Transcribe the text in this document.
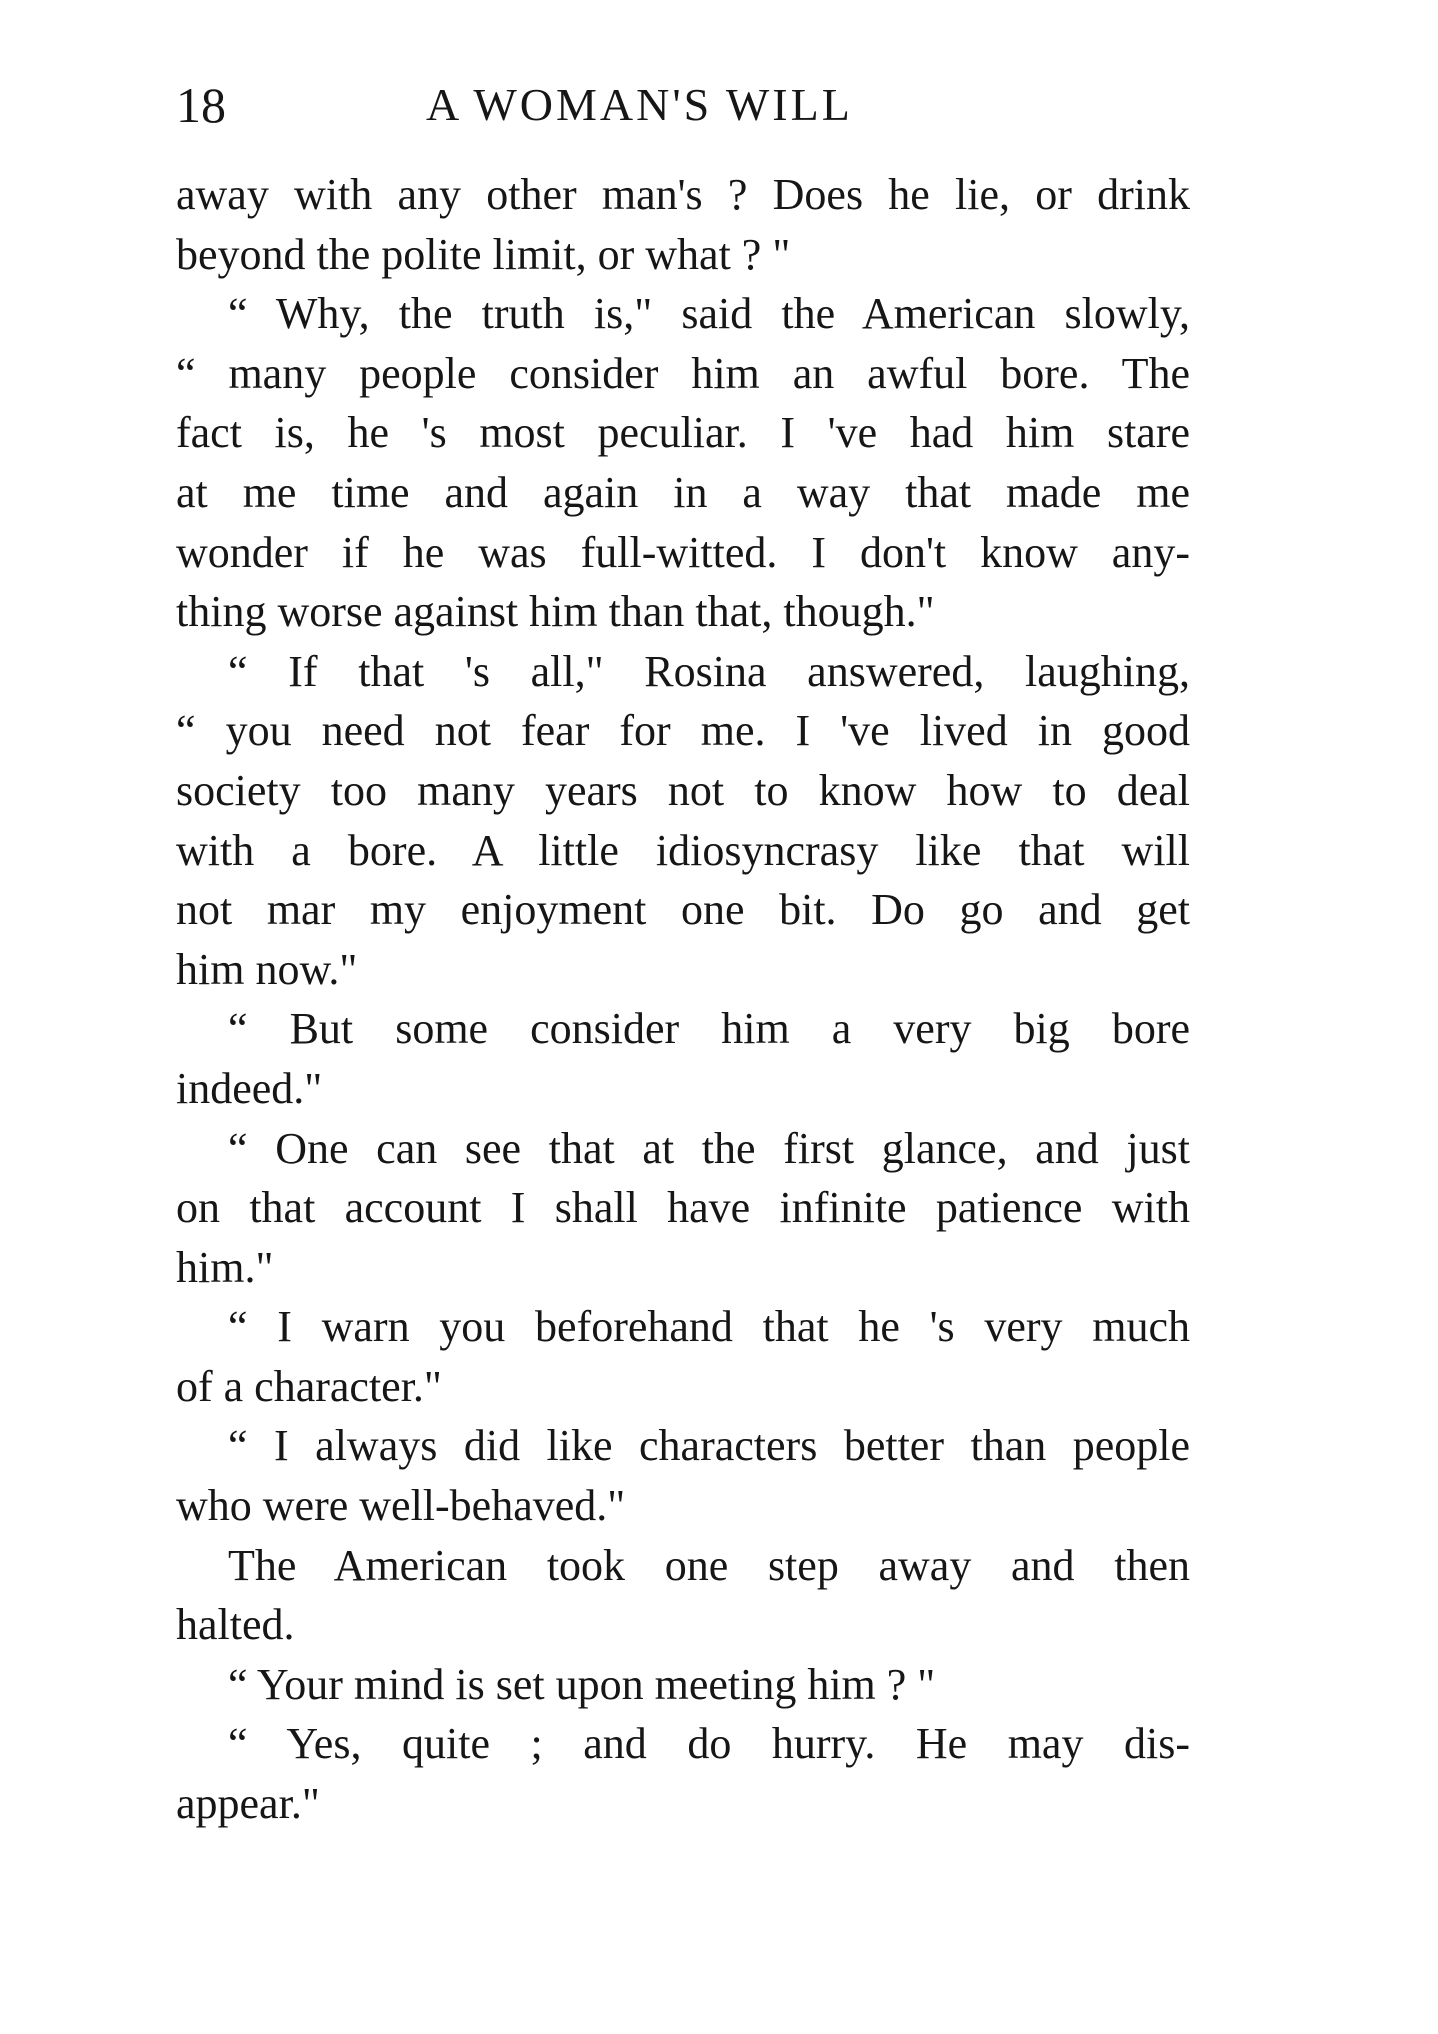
18	A WOMAN'S WILL
away with any other man's ? Does he lie, or drink
beyond the polite limit, or what ? "
“ Why, the truth is," said the American slowly,
“ many people consider him an awful bore. The
fact is, he 's most peculiar. I 've had him stare
at me time and again in a way that made me
wonder if he was full-witted. I don't know any-
thing worse against him than that, though."
“ If that 's all," Rosina answered, laughing,
“ you need not fear for me. I 've lived in good
society too many years not to know how to deal
with a bore. A little idiosyncrasy like that will
not mar my enjoyment one bit. Do go and get
him now."
“ But some consider him a very big bore
indeed."
“ One can see that at the first glance, and just
on that account I shall have infinite patience with
him."
“ I warn you beforehand that he 's very much
of a character."
“ I always did like characters better than people
who were well-behaved."
The American took one step away and then
halted.
“ Your mind is set upon meeting him ? "
“ Yes, quite ; and do hurry. He may dis-
appear."
